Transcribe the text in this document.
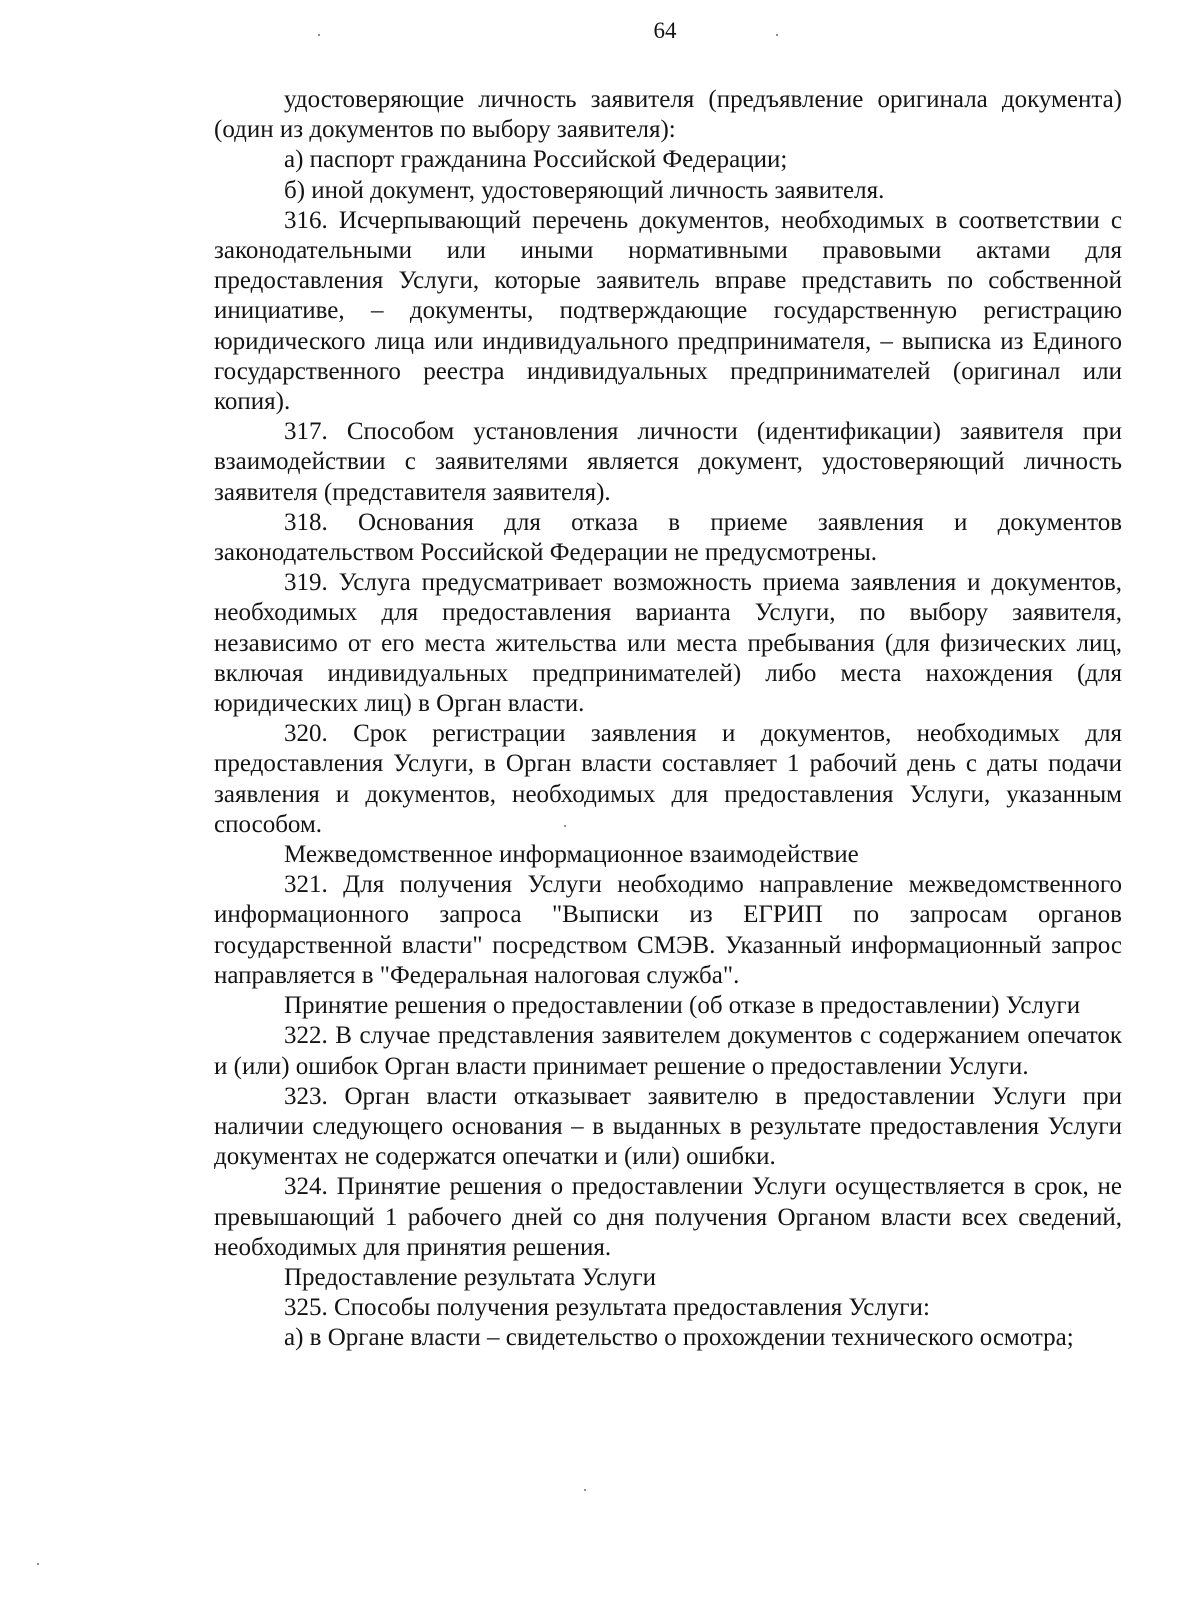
64

удостоверяющие личность заявителя (предъявление оригинала документа) (один из документов по выбору заявителя):

а) паспорт гражданина Российской Федерации;

б) иной документ, удостоверяющий личность заявителя.

316. Исчерпывающий перечень документов, необходимых в соответствии с законодательными или иными нормативными правовыми актами для предоставления Услуги, которые заявитель вправе представить по собственной инициативе, – документы, подтверждающие государственную регистрацию юридического лица или индивидуального предпринимателя, – выписка из Единого государственного реестра индивидуальных предпринимателей (оригинал или копия).

317. Способом установления личности (идентификации) заявителя при взаимодействии с заявителями является документ, удостоверяющий личность заявителя (представителя заявителя).

318. Основания для отказа в приеме заявления и документов законодательством Российской Федерации не предусмотрены.

319. Услуга предусматривает возможность приема заявления и документов, необходимых для предоставления варианта Услуги, по выбору заявителя, независимо от его места жительства или места пребывания (для физических лиц, включая индивидуальных предпринимателей) либо места нахождения (для юридических лиц) в Орган власти.

320. Срок регистрации заявления и документов, необходимых для предоставления Услуги, в Орган власти составляет 1 рабочий день с даты подачи заявления и документов, необходимых для предоставления Услуги, указанным способом.

Межведомственное информационное взаимодействие

321. Для получения Услуги необходимо направление межведомственного информационного запроса "Выписки из ЕГРИП по запросам органов государственной власти" посредством СМЭВ. Указанный информационный запрос направляется в "Федеральная налоговая служба".

Принятие решения о предоставлении (об отказе в предоставлении) Услуги

322. В случае представления заявителем документов с содержанием опечаток и (или) ошибок Орган власти принимает решение о предоставлении Услуги.

323. Орган власти отказывает заявителю в предоставлении Услуги при наличии следующего основания – в выданных в результате предоставления Услуги документах не содержатся опечатки и (или) ошибки.

324. Принятие решения о предоставлении Услуги осуществляется в срок, не превышающий 1 рабочего дней со дня получения Органом власти всех сведений, необходимых для принятия решения.

Предоставление результата Услуги

325. Способы получения результата предоставления Услуги:

а) в Органе власти – свидетельство о прохождении технического осмотра;
